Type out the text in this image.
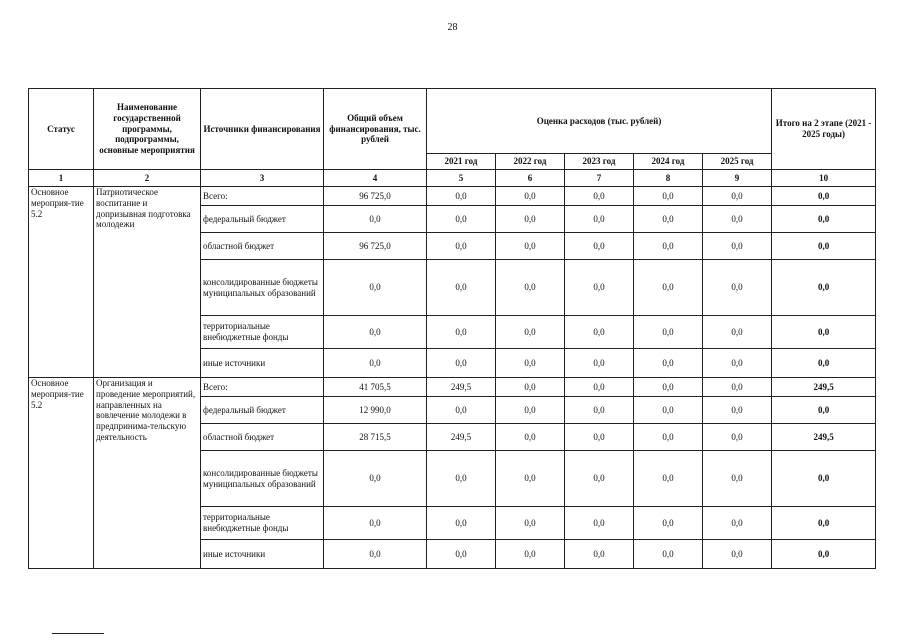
28
Статус	Наименование государственной программы, подпрограммы, основные мероприятия	Источники финансирования	Общий объем финансирования, тыс. рублей	Оценка расходов (тыс. рублей)					Итого на 2 этапе (2021 - 2025 годы)
				2021 год	2022 год	2023 год	2024 год	2025 год	
1	2	3	4	5	6	7	8	9	10
Основное мероприя-тие 5.2	Патриотическое воспитание и допризывная подготовка молодежи	Всего:	96 725,0	0,0	0,0	0,0	0,0	0,0	0,0
		федеральный бюджет	0,0	0,0	0,0	0,0	0,0	0,0	0,0
		областной бюджет	96 725,0	0,0	0,0	0,0	0,0	0,0	0,0
		консолидированные бюджеты муниципальных образований	0,0	0,0	0,0	0,0	0,0	0,0	0,0
		территориальные внебюджетные фонды	0,0	0,0	0,0	0,0	0,0	0,0	0,0
		иные источники	0,0	0,0	0,0	0,0	0,0	0,0	0,0
Основное мероприя-тие 5.2	Организация и проведение мероприятий, направленных на вовлечение молодежи в предпринима-тельскую деятельность	Всего:	41 705,5	249,5	0,0	0,0	0,0	0,0	249,5
		федеральный бюджет	12 990,0	0,0	0,0	0,0	0,0	0,0	0,0
		областной бюджет	28 715,5	249,5	0,0	0,0	0,0	0,0	249,5
		консолидированные бюджеты муниципальных образований	0,0	0,0	0,0	0,0	0,0	0,0	0,0
		территориальные внебюджетные фонды	0,0	0,0	0,0	0,0	0,0	0,0	0,0
		иные источники	0,0	0,0	0,0	0,0	0,0	0,0	0,0
